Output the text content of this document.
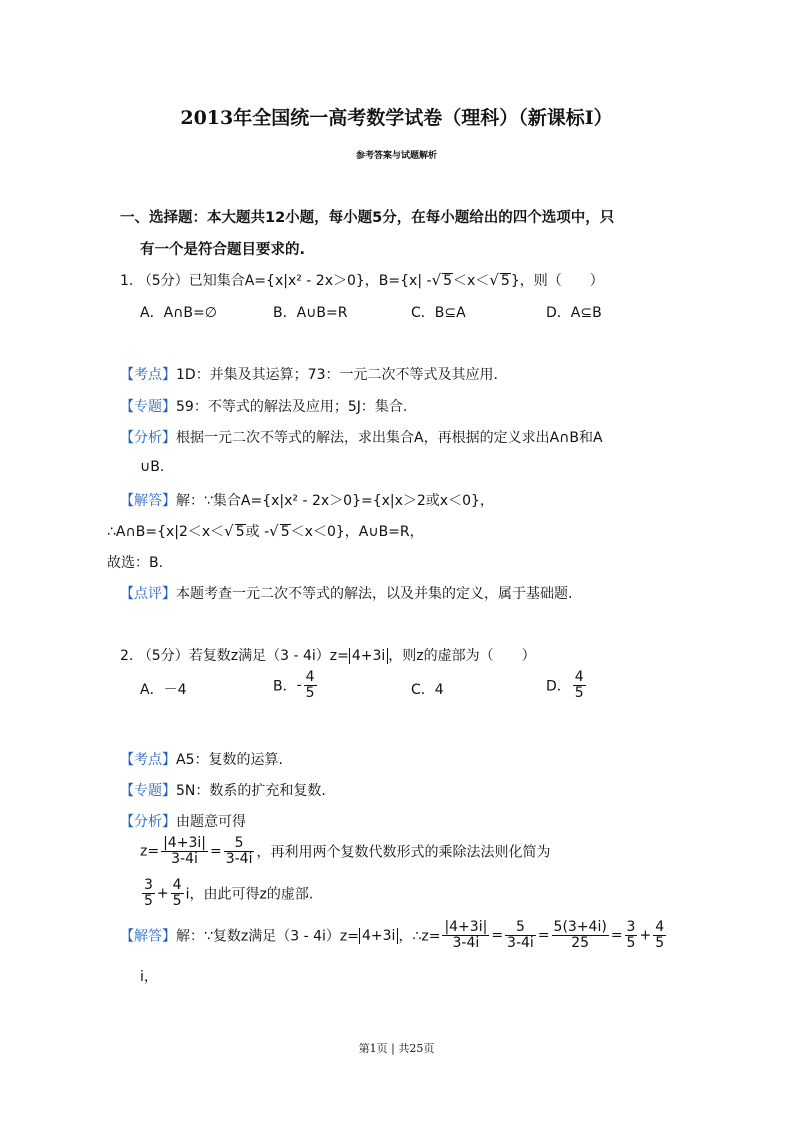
2013年全国统一高考数学试卷（理科）（新课标Ⅰ）
参考答案与试题解析
一、选择题：本大题共12小题，每小题5分，在每小题给出的四个选项中，只
有一个是符合题目要求的.
1. （5分）已知集合A={x|x² - 2x＞0}，B={x| -√ 5＜x＜√ 5}，则（　　）
A．A∩B=∅	B．A∪B=R	C．B⊆A	D．A⊆B
【考点】1D：并集及其运算；73：一元二次不等式及其应用.
【专题】59：不等式的解法及应用；5J：集合.
【分析】根据一元二次不等式的解法，求出集合A，再根据的定义求出A∩B和A
∪B.
【解答】解：∵集合A={x|x² - 2x＞0}={x|x＞2或x＜0}，
∴A∩B={x|2＜x＜√ 5或 -√ 5＜x＜0}，A∪B=R，
故选：B.
【点评】本题考查一元二次不等式的解法，以及并集的定义，属于基础题.
2. （5分）若复数z满足（3 - 4i）z= 4+3i ，则z的虚部为（　　）
A．－4	B．- $\frac{4}{5}$	C．4	D． $\frac{4}{5}$
【考点】A5：复数的运算.
【专题】5N：数系的扩充和复数.
【分析】由题意可得
$z= \frac{|4+3i|}{3-4i} = \frac{5}{3-4i}$ ，再利用两个复数代数形式的乘除法法则化简为
$\frac{3}{5} + \frac{4}{5}$ i，由此可得z的虚部.
【解答】解：∵复数z满足（3 - 4i）z= 4+3i ，∴z= $\frac{|4+3i|}{3-4i} = \frac{5}{3-4i} = \frac{5(3+4i)}{25} = \frac{3}{5} + \frac{4}{5}$
i，
第1页 | 共25页
